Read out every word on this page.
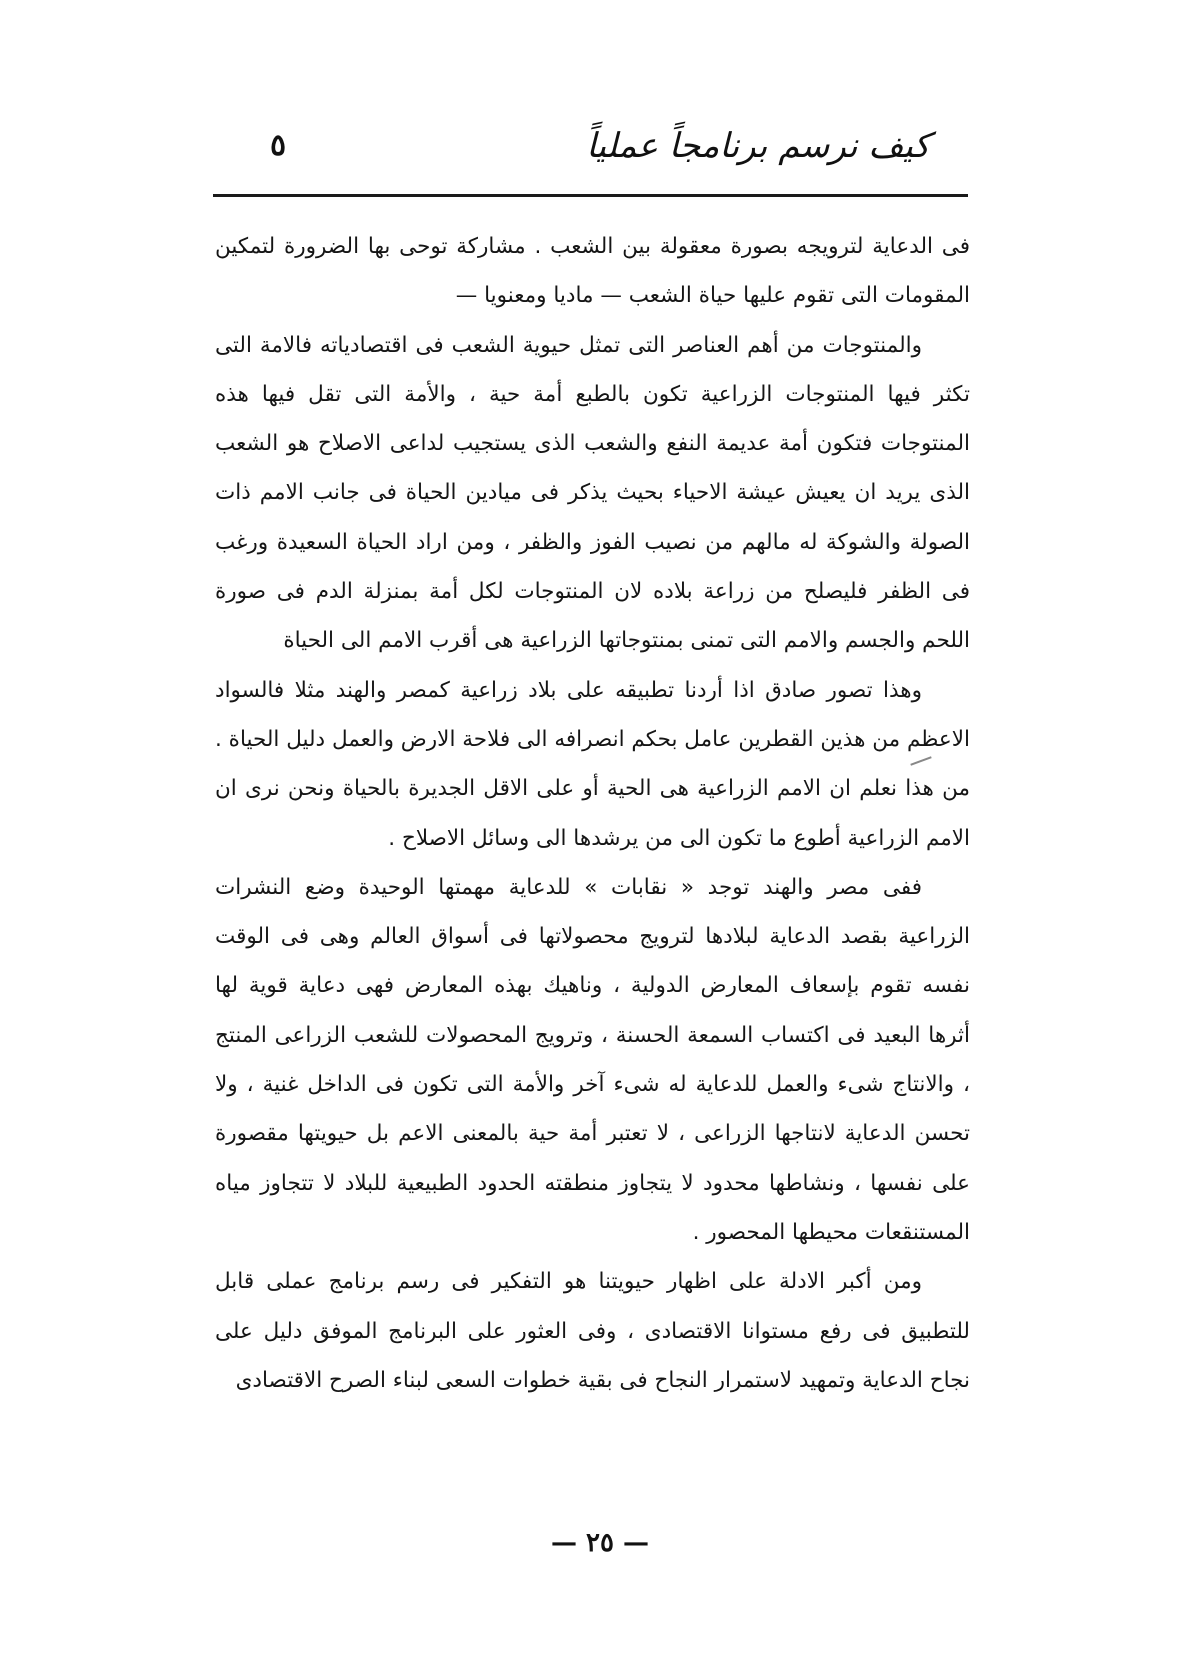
كيف نرسم برنامجاً عملياً
٥

فى الدعاية لترويجه بصورة معقولة بين الشعب . مشاركة توحى بها الضرورة لتمكين المقومات التى تقوم عليها حياة الشعب — ماديا ومعنويا —

والمنتوجات من أهم العناصر التى تمثل حيوية الشعب فى اقتصادياته فالامة التى تكثر فيها المنتوجات الزراعية تكون بالطبع أمة حية ، والأمة التى تقل فيها هذه المنتوجات فتكون أمة عديمة النفع والشعب الذى يستجيب لداعى الاصلاح هو الشعب الذى يريد ان يعيش عيشة الاحياء بحيث يذكر فى ميادين الحياة فى جانب الامم ذات الصولة والشوكة له مالهم من نصيب الفوز والظفر ، ومن اراد الحياة السعيدة ورغب فى الظفر فليصلح من زراعة بلاده لان المنتوجات لكل أمة بمنزلة الدم فى صورة اللحم والجسم والامم التى تمنى بمنتوجاتها الزراعية هى أقرب الامم الى الحياة

وهذا تصور صادق اذا أردنا تطبيقه على بلاد زراعية كمصر والهند مثلا فالسواد الاعظم من هذين القطرين عامل بحكم انصرافه الى فلاحة الارض والعمل دليل الحياة . من هذا نعلم ان الامم الزراعية هى الحية أو على الاقل الجديرة بالحياة ونحن نرى ان الامم الزراعية أطوع ما تكون الى من يرشدها الى وسائل الاصلاح .

ففى مصر والهند توجد « نقابات » للدعاية مهمتها الوحيدة وضع النشرات الزراعية بقصد الدعاية لبلادها لترويج محصولاتها فى أسواق العالم وهى فى الوقت نفسه تقوم بإسعاف المعارض الدولية ، وناهيك بهذه المعارض فهى دعاية قوية لها أثرها البعيد فى اكتساب السمعة الحسنة ، وترويج المحصولات للشعب الزراعى المنتج ، والانتاج شىء والعمل للدعاية له شىء آخر والأمة التى تكون فى الداخل غنية ، ولا تحسن الدعاية لانتاجها الزراعى ، لا تعتبر أمة حية بالمعنى الاعم بل حيويتها مقصورة على نفسها ، ونشاطها محدود لا يتجاوز منطقته الحدود الطبيعية للبلاد لا تتجاوز مياه المستنقعات محيطها المحصور .

ومن أكبر الادلة على اظهار حيويتنا هو التفكير فى رسم برنامج عملى قابل للتطبيق فى رفع مستوانا الاقتصادى ، وفى العثور على البرنامج الموفق دليل على نجاح الدعاية وتمهيد لاستمرار النجاح فى بقية خطوات السعى لبناء الصرح الاقتصادى

— ٢٥ —
